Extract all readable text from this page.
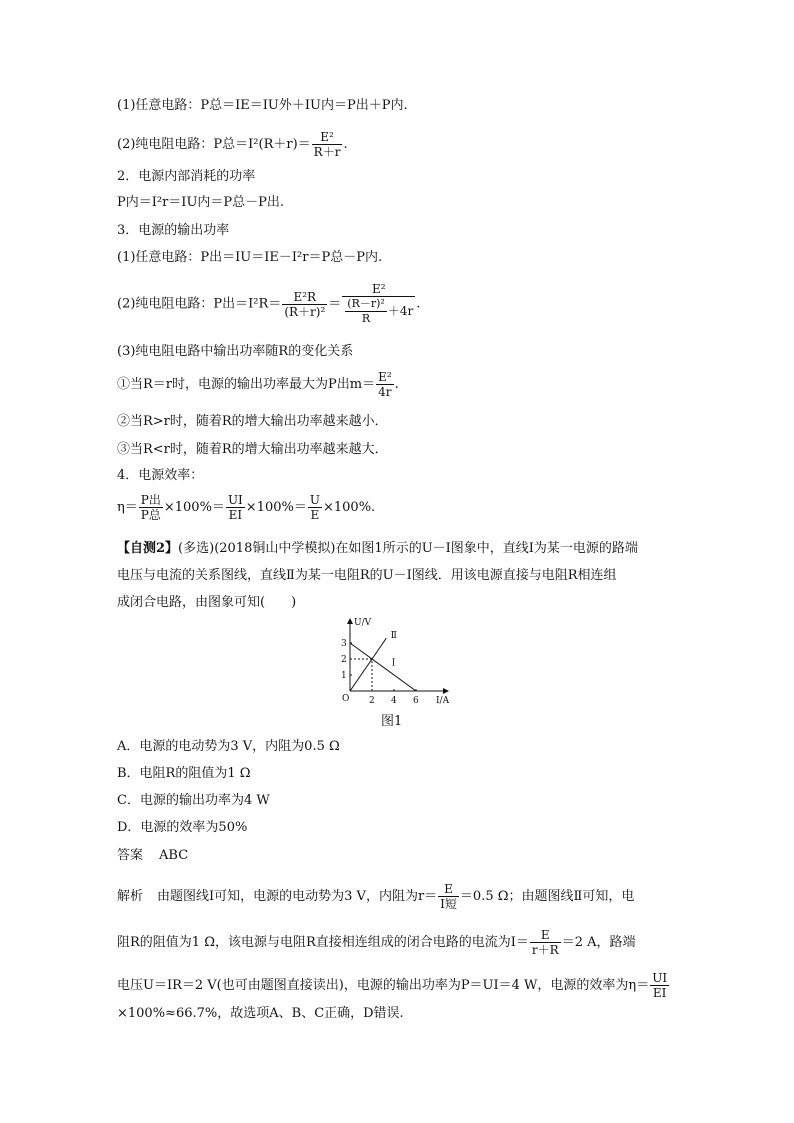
(1)任意电路：P总＝IE＝IU外＋IU内＝P出＋P内.
(2)纯电阻电路：P总$=I^2(R+r)= \frac{\text{E²}}{R+r}$ .
2．电源内部消耗的功率
P内＝I²r＝IU内＝P总－P出.
3．电源的输出功率
(1)任意电路：P出＝IU＝IE－I²r＝P总－P内.
(2)纯电阻电路：P出$=I^2R= \frac{\text{E²R}}{\text{(R＋r)²}} = \frac{\text{E²}}{\frac{\text{(R－r)²}}{R} +4r}$ .
(3)纯电阻电路中输出功率随R的变化关系
①当R＝r时，电源的输出功率最大为P出$m= \frac{\text{E²}}{4r}$ .
②当R>r时，随着R的增大输出功率越来越小．
③当R<r时，随着R的增大输出功率越来越大．
4．电源效率：
$\eta= \frac{\text{P出}}{\text{P总}} \times 100\%= \frac{UI}{EI} \times 100\%= \frac{U}{E} \times 100\%$.
【自测2】(多选)(2018铜山中学模拟)在如图1所示的U－I图象中，直线Ⅰ为某一电源的路端
电压与电流的关系图线，直线Ⅱ为某一电阻R的U－I图线．用该电源直接与电阻R相连组
成闭合电路，由图象可知(　　)
U/V
I/A
O 2 4 6
1
2
3
Ⅰ
Ⅱ
图1
A．电源的电动势为3 V，内阻为0.5 Ω
B．电阻R的阻值为1 Ω
C．电源的输出功率为4 W
D．电源的效率为50%
答案 ABC
解析 由题图线Ⅰ可知，电源的电动势为3 V，内阻为$r= \frac{E}{\text{I短}} =0.5$ Ω；由题图线Ⅱ可知，电
阻R的阻值为1 Ω，该电源与电阻R直接相连组成的闭合电路的电流为$I= \frac{E}{r+R} =2$ A，路端
电压U＝IR＝2 V(也可由题图直接读出)，电源的输出功率为P＝UI＝4 W，电源的效率为$\eta= \frac{UI}{EI}$
×100%≈66.7%，故选项A、B、C正确，D错误.
